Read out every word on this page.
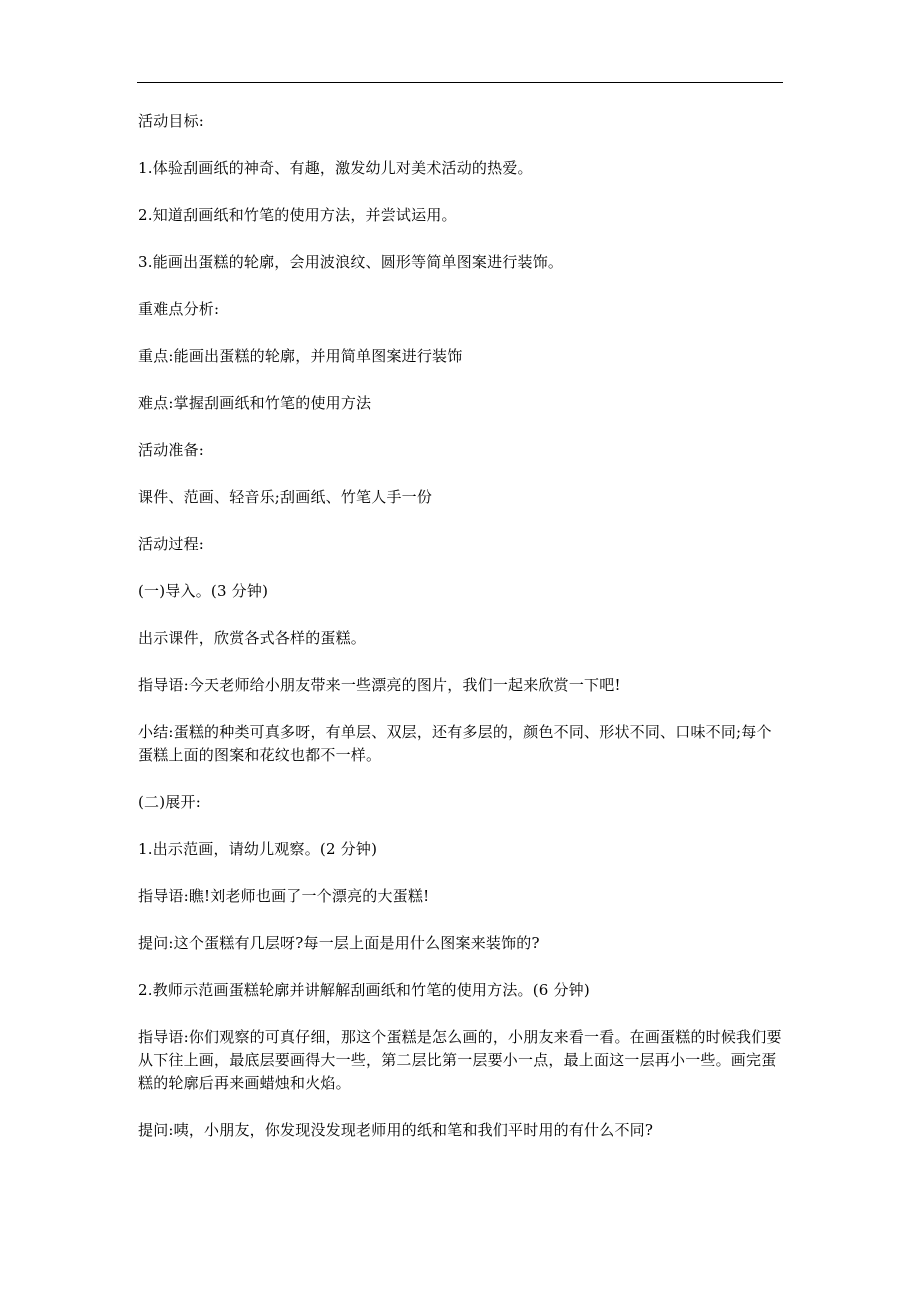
活动目标:

1.体验刮画纸的神奇、有趣，激发幼儿对美术活动的热爱。

2.知道刮画纸和竹笔的使用方法，并尝试运用。

3.能画出蛋糕的轮廓，会用波浪纹、圆形等简单图案进行装饰。

重难点分析:

重点:能画出蛋糕的轮廓，并用简单图案进行装饰

难点:掌握刮画纸和竹笔的使用方法

活动准备:

课件、范画、轻音乐;刮画纸、竹笔人手一份

活动过程:

(一)导入。(3 分钟)

出示课件，欣赏各式各样的蛋糕。

指导语:今天老师给小朋友带来一些漂亮的图片，我们一起来欣赏一下吧!

小结:蛋糕的种类可真多呀，有单层、双层，还有多层的，颜色不同、形状不同、口味不同;每个蛋糕上面的图案和花纹也都不一样。

(二)展开:

1.出示范画，请幼儿观察。(2 分钟)

指导语:瞧!刘老师也画了一个漂亮的大蛋糕!

提问:这个蛋糕有几层呀?每一层上面是用什么图案来装饰的?

2.教师示范画蛋糕轮廓并讲解解刮画纸和竹笔的使用方法。(6 分钟)

指导语:你们观察的可真仔细，那这个蛋糕是怎么画的，小朋友来看一看。在画蛋糕的时候我们要从下往上画，最底层要画得大一些，第二层比第一层要小一点，最上面这一层再小一些。画完蛋糕的轮廓后再来画蜡烛和火焰。

提问:咦，小朋友，你发现没发现老师用的纸和笔和我们平时用的有什么不同?
